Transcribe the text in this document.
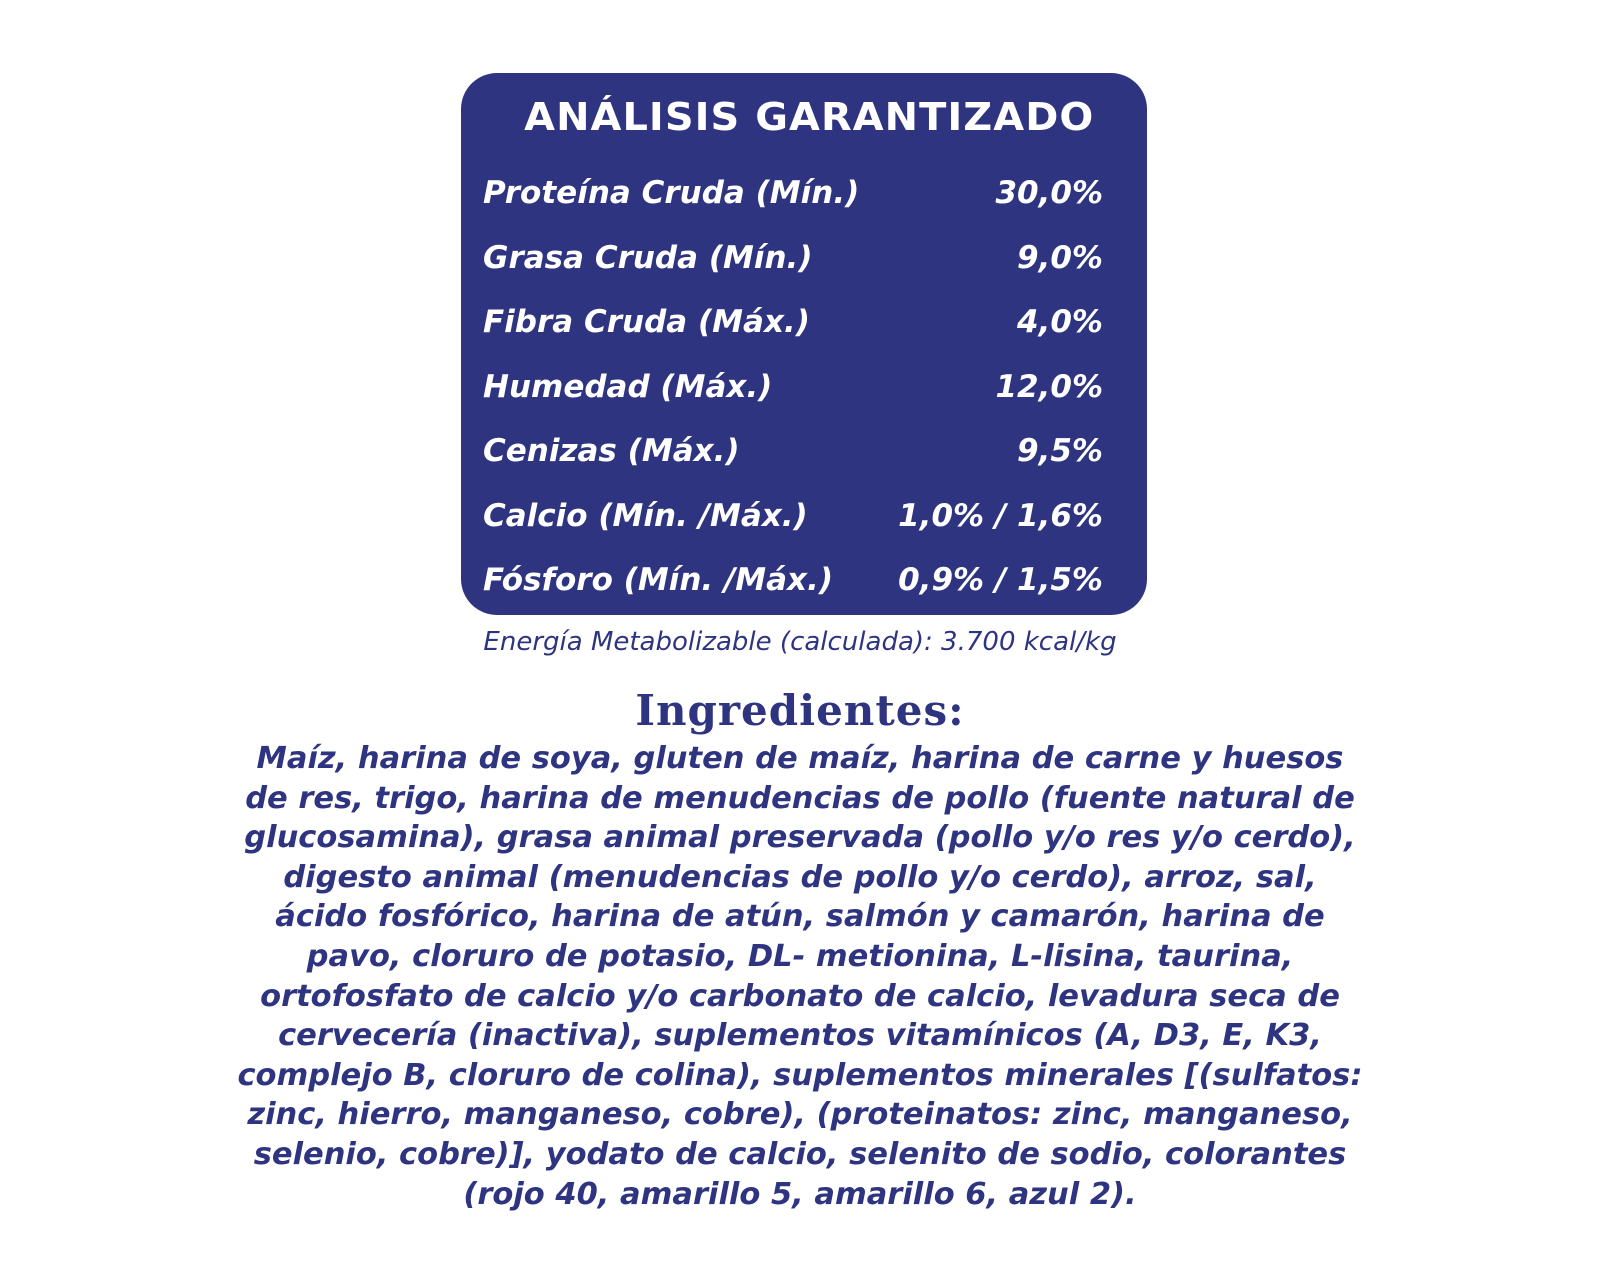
ANÁLISIS GARANTIZADO
Proteína Cruda (Mín.)	30,0%
Grasa Cruda (Mín.)	9,0%
Fibra Cruda (Máx.)	4,0%
Humedad (Máx.)	12,0%
Cenizas (Máx.)	9,5%
Calcio (Mín. /Máx.)	1,0% / 1,6%
Fósforo (Mín. /Máx.) 0,9% / 1,5%
Energía Metabolizable (calculada): 3.700 kcal/kg
Ingredientes:
Maíz, harina de soya, gluten de maíz, harina de carne y huesos
de res, trigo, harina de menudencias de pollo (fuente natural de
glucosamina), grasa animal preservada (pollo y/o res y/o cerdo),
digesto animal (menudencias de pollo y/o cerdo), arroz, sal,
ácido fosfórico, harina de atún, salmón y camarón, harina de
pavo, cloruro de potasio, DL- metionina, L-lisina, taurina,
ortofosfato de calcio y/o carbonato de calcio, levadura seca de
cervecería (inactiva), suplementos vitamínicos (A, D3, E, K3,
complejo B, cloruro de colina), suplementos minerales [(sulfatos:
zinc, hierro, manganeso, cobre), (proteinatos: zinc, manganeso,
selenio, cobre)], yodato de calcio, selenito de sodio, colorantes
(rojo 40, amarillo 5, amarillo 6, azul 2).
